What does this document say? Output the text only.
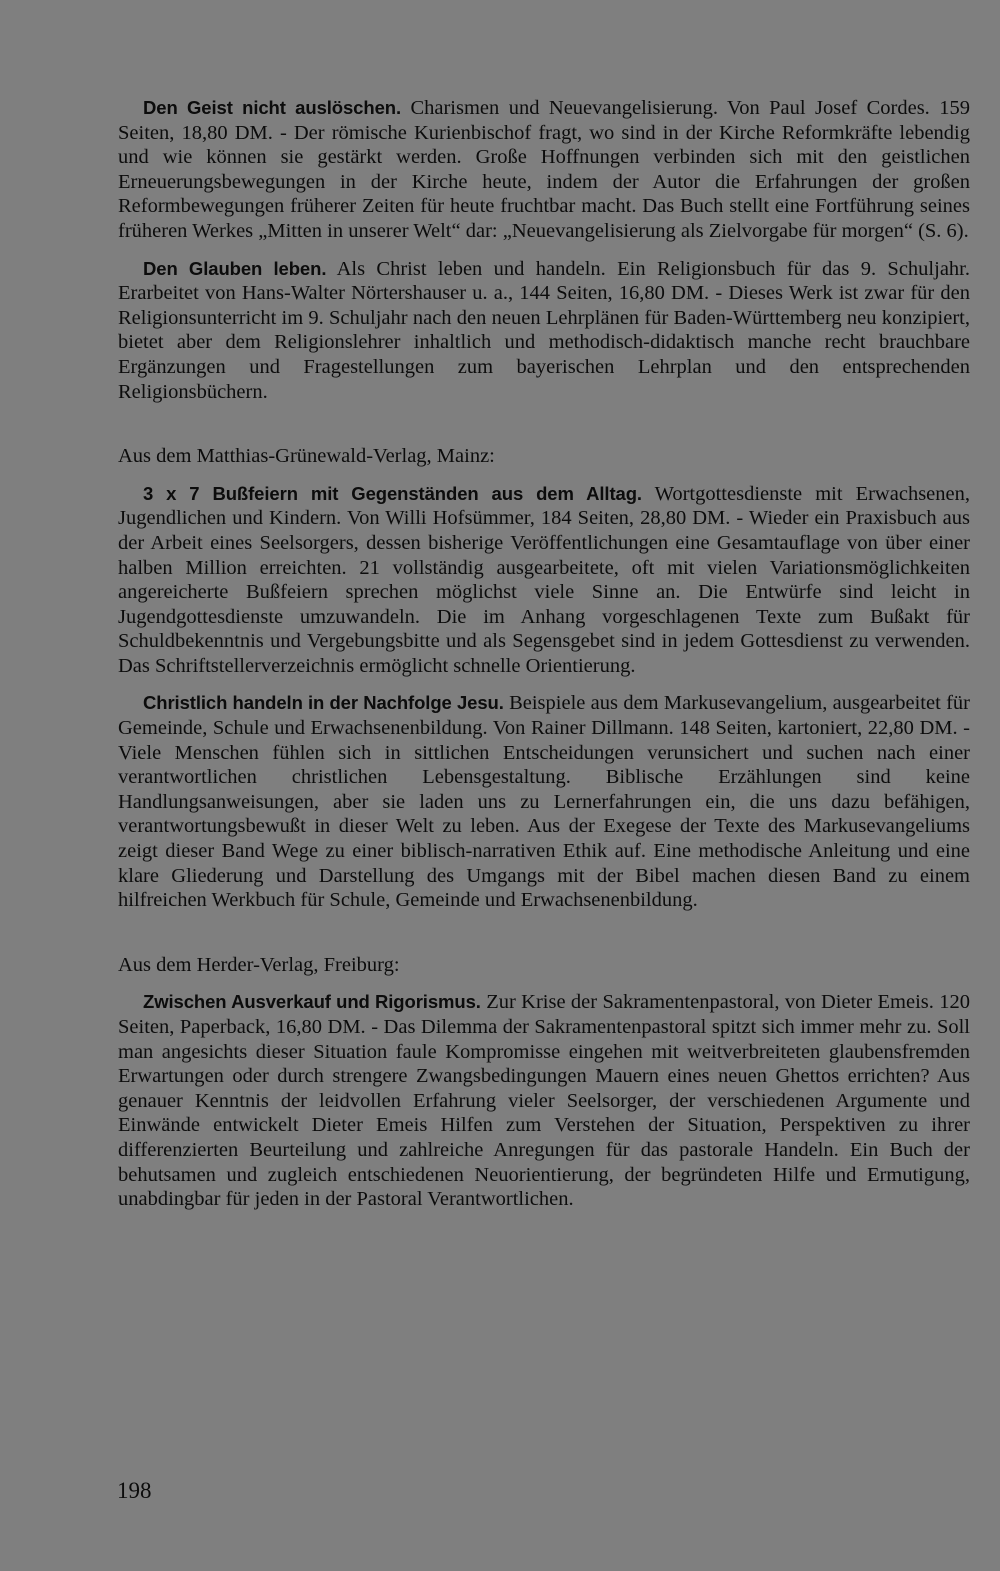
Den Geist nicht auslöschen. Charismen und Neuevangelisierung. Von Paul Josef Cordes. 159 Seiten, 18,80 DM. - Der römische Kurienbischof fragt, wo sind in der Kirche Reformkräfte lebendig und wie können sie gestärkt werden. Große Hoffnungen verbinden sich mit den geistlichen Erneuerungsbewegungen in der Kirche heute, indem der Autor die Erfahrungen der großen Reformbewegungen früherer Zeiten für heute fruchtbar macht. Das Buch stellt eine Fortführung seines früheren Werkes „Mitten in unserer Welt“ dar: „Neuevangelisierung als Zielvorgabe für morgen“ (S. 6).

Den Glauben leben. Als Christ leben und handeln. Ein Religionsbuch für das 9. Schuljahr. Erarbeitet von Hans-Walter Nörtershauser u. a., 144 Seiten, 16,80 DM. - Dieses Werk ist zwar für den Religionsunterricht im 9. Schuljahr nach den neuen Lehrplänen für Baden-Württemberg neu konzipiert, bietet aber dem Religionslehrer inhaltlich und methodisch-didaktisch manche recht brauchbare Ergänzungen und Fragestellungen zum bayerischen Lehrplan und den entsprechenden Religionsbüchern.

Aus dem Matthias-Grünewald-Verlag, Mainz:

3 x 7 Bußfeiern mit Gegenständen aus dem Alltag. Wortgottesdienste mit Erwachsenen, Jugendlichen und Kindern. Von Willi Hofsümmer, 184 Seiten, 28,80 DM. - Wieder ein Praxisbuch aus der Arbeit eines Seelsorgers, dessen bisherige Veröffentlichungen eine Gesamtauflage von über einer halben Million erreichten. 21 vollständig ausgearbeitete, oft mit vielen Variationsmöglichkeiten angereicherte Bußfeiern sprechen möglichst viele Sinne an. Die Entwürfe sind leicht in Jugendgottesdienste umzuwandeln. Die im Anhang vorgeschlagenen Texte zum Bußakt für Schuldbekenntnis und Vergebungsbitte und als Segensgebet sind in jedem Gottesdienst zu verwenden. Das Schriftstellerverzeichnis ermöglicht schnelle Orientierung.

Christlich handeln in der Nachfolge Jesu. Beispiele aus dem Markusevangelium, ausgearbeitet für Gemeinde, Schule und Erwachsenenbildung. Von Rainer Dillmann. 148 Seiten, kartoniert, 22,80 DM. - Viele Menschen fühlen sich in sittlichen Entscheidungen verunsichert und suchen nach einer verantwortlichen christlichen Lebensgestaltung. Biblische Erzählungen sind keine Handlungsanweisungen, aber sie laden uns zu Lernerfahrungen ein, die uns dazu befähigen, verantwortungsbewußt in dieser Welt zu leben. Aus der Exegese der Texte des Markusevangeliums zeigt dieser Band Wege zu einer biblisch-narrativen Ethik auf. Eine methodische Anleitung und eine klare Gliederung und Darstellung des Umgangs mit der Bibel machen diesen Band zu einem hilfreichen Werkbuch für Schule, Gemeinde und Erwachsenenbildung.

Aus dem Herder-Verlag, Freiburg:

Zwischen Ausverkauf und Rigorismus. Zur Krise der Sakramentenpastoral, von Dieter Emeis. 120 Seiten, Paperback, 16,80 DM. - Das Dilemma der Sakramentenpastoral spitzt sich immer mehr zu. Soll man angesichts dieser Situation faule Kompromisse eingehen mit weitverbreiteten glaubensfremden Erwartungen oder durch strengere Zwangsbedingungen Mauern eines neuen Ghettos errichten? Aus genauer Kenntnis der leidvollen Erfahrung vieler Seelsorger, der verschiedenen Argumente und Einwände entwickelt Dieter Emeis Hilfen zum Verstehen der Situation, Perspektiven zu ihrer differenzierten Beurteilung und zahlreiche Anregungen für das pastorale Handeln. Ein Buch der behutsamen und zugleich entschiedenen Neuorientierung, der begründeten Hilfe und Ermutigung, unabdingbar für jeden in der Pastoral Verantwortlichen.

198
